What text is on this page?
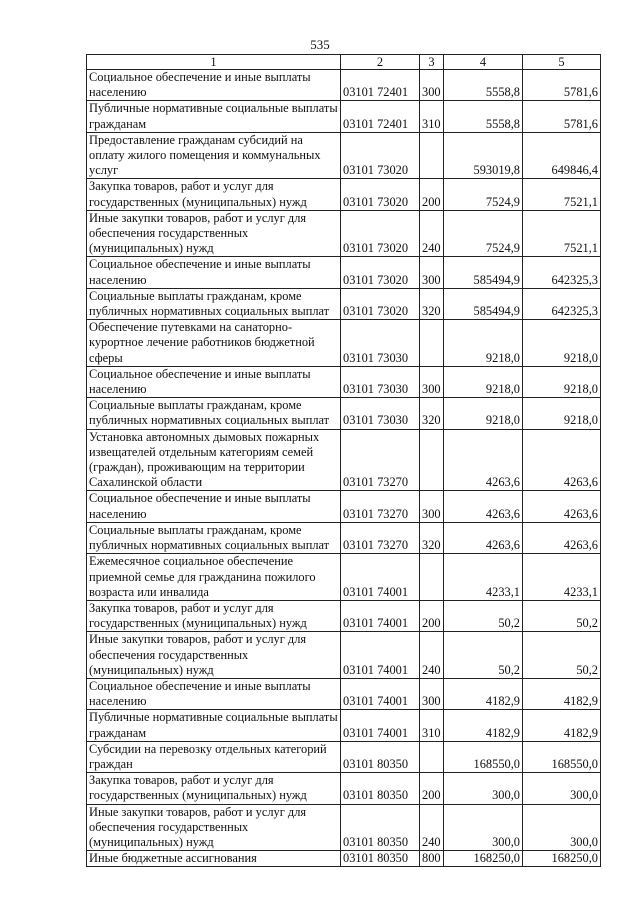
535
1	2	3	4	5
Социальное обеспечение и иные выплаты населению	03101 72401	300	5558,8	5781,6
Публичные нормативные социальные выплаты гражданам	03101 72401	310	5558,8	5781,6
Предоставление гражданам субсидий на оплату жилого помещения и коммунальных услуг	03101 73020		593019,8	649846,4
Закупка товаров, работ и услуг для государственных (муниципальных) нужд	03101 73020	200	7524,9	7521,1
Иные закупки товаров, работ и услуг для обеспечения государственных (муниципальных) нужд	03101 73020	240	7524,9	7521,1
Социальное обеспечение и иные выплаты населению	03101 73020	300	585494,9	642325,3
Социальные выплаты гражданам, кроме публичных нормативных социальных выплат	03101 73020	320	585494,9	642325,3
Обеспечение путевками на санаторно-курортное лечение работников бюджетной сферы	03101 73030		9218,0	9218,0
Социальное обеспечение и иные выплаты населению	03101 73030	300	9218,0	9218,0
Социальные выплаты гражданам, кроме публичных нормативных социальных выплат	03101 73030	320	9218,0	9218,0
Установка автономных дымовых пожарных извещателей отдельным категориям семей (граждан), проживающим на территории Сахалинской области	03101 73270		4263,6	4263,6
Социальное обеспечение и иные выплаты населению	03101 73270	300	4263,6	4263,6
Социальные выплаты гражданам, кроме публичных нормативных социальных выплат	03101 73270	320	4263,6	4263,6
Ежемесячное социальное обеспечение приемной семье для гражданина пожилого возраста или инвалида	03101 74001		4233,1	4233,1
Закупка товаров, работ и услуг для государственных (муниципальных) нужд	03101 74001	200	50,2	50,2
Иные закупки товаров, работ и услуг для обеспечения государственных (муниципальных) нужд	03101 74001	240	50,2	50,2
Социальное обеспечение и иные выплаты населению	03101 74001	300	4182,9	4182,9
Публичные нормативные социальные выплаты гражданам	03101 74001	310	4182,9	4182,9
Субсидии на перевозку отдельных категорий граждан	03101 80350		168550,0	168550,0
Закупка товаров, работ и услуг для государственных (муниципальных) нужд	03101 80350	200	300,0	300,0
Иные закупки товаров, работ и услуг для обеспечения государственных (муниципальных) нужд	03101 80350	240	300,0	300,0
Иные бюджетные ассигнования	03101 80350	800	168250,0	168250,0
